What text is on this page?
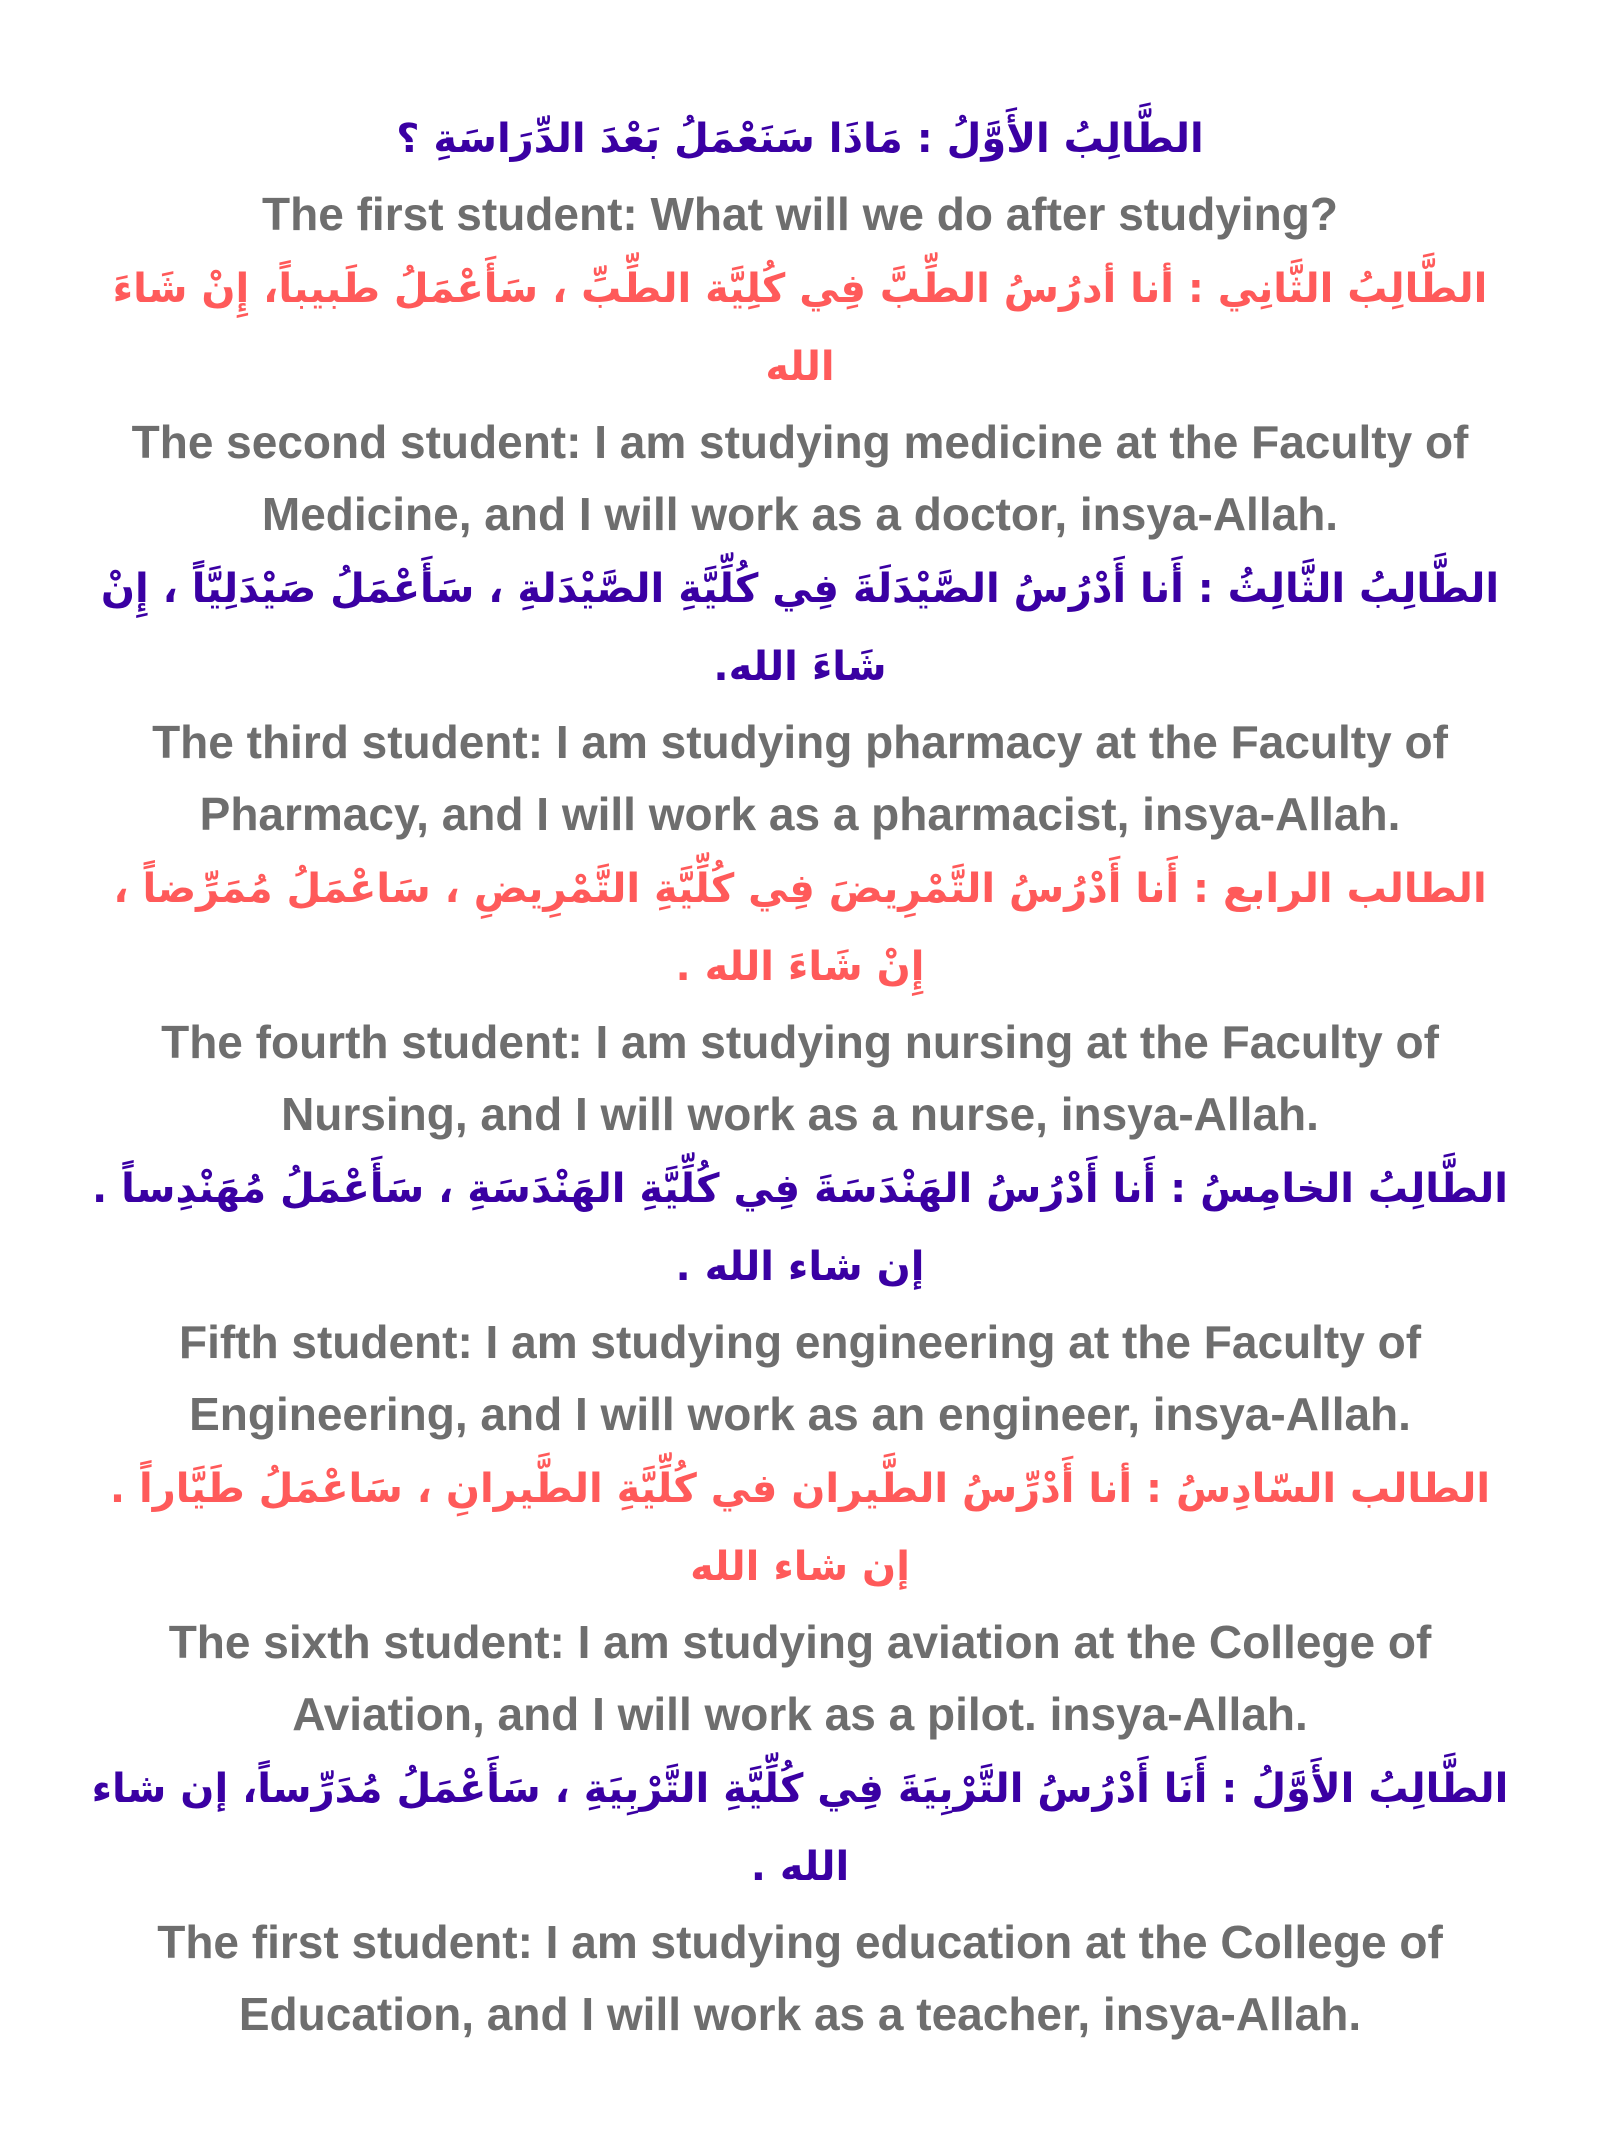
الطَّالِبُ الأَوَّلُ : مَاذَا سَنَعْمَلُ بَعْدَ الدِّرَاسَةِ ؟

The first student: What will we do after studying?

الطَّالِبُ الثَّانِي : أنا أدرُسُ الطِّبَّ فِي كُلِيَّة الطِّبِّ ، سَأَعْمَلُ طَبيباً، إِنْ شَاءَ الله

The second student: I am studying medicine at the Faculty of Medicine, and I will work as a doctor, insya-Allah.

الطَّالِبُ الثَّالِثُ : أَنا أَدْرُسُ الصَّيْدَلَةَ فِي كُلِّيَّةِ الصَّيْدَلةِ ، سَأَعْمَلُ صَيْدَلِيَّاً ، إِنْ شَاءَ الله.

The third student: I am studying pharmacy at the Faculty of Pharmacy, and I will work as a pharmacist, insya-Allah.

الطالب الرابع : أَنا أَدْرُسُ التَّمْرِيضَ فِي كُلِّيَّةِ التَّمْرِيضِ ، سَاعْمَلُ مُمَرِّضاً ، إِنْ شَاءَ الله .

The fourth student: I am studying nursing at the Faculty of Nursing, and I will work as a nurse, insya-Allah.

الطَّالِبُ الخامِسُ : أَنا أَدْرُسُ الهَنْدَسَةَ فِي كُلِّيَّةِ الهَنْدَسَةِ ، سَأَعْمَلُ مُهَنْدِساً . إن شاء الله .

Fifth student: I am studying engineering at the Faculty of Engineering, and I will work as an engineer, insya-Allah.

الطالب السّادِسُ : أنا أَدْرِّسُ الطَّيران في كُلِّيَّةِ الطَّيرانِ ، سَاعْمَلُ طَيَّاراً . إن شاء الله

The sixth student: I am studying aviation at the College of Aviation, and I will work as a pilot. insya-Allah.

الطَّالِبُ الأَوَّلُ : أَنَا أَدْرُسُ التَّرْبِيَةَ فِي كُلِّيَّةِ التَّرْبِيَةِ ، سَأَعْمَلُ مُدَرِّساً، إن شاء الله .

The first student: I am studying education at the College of Education, and I will work as a teacher, insya-Allah.
